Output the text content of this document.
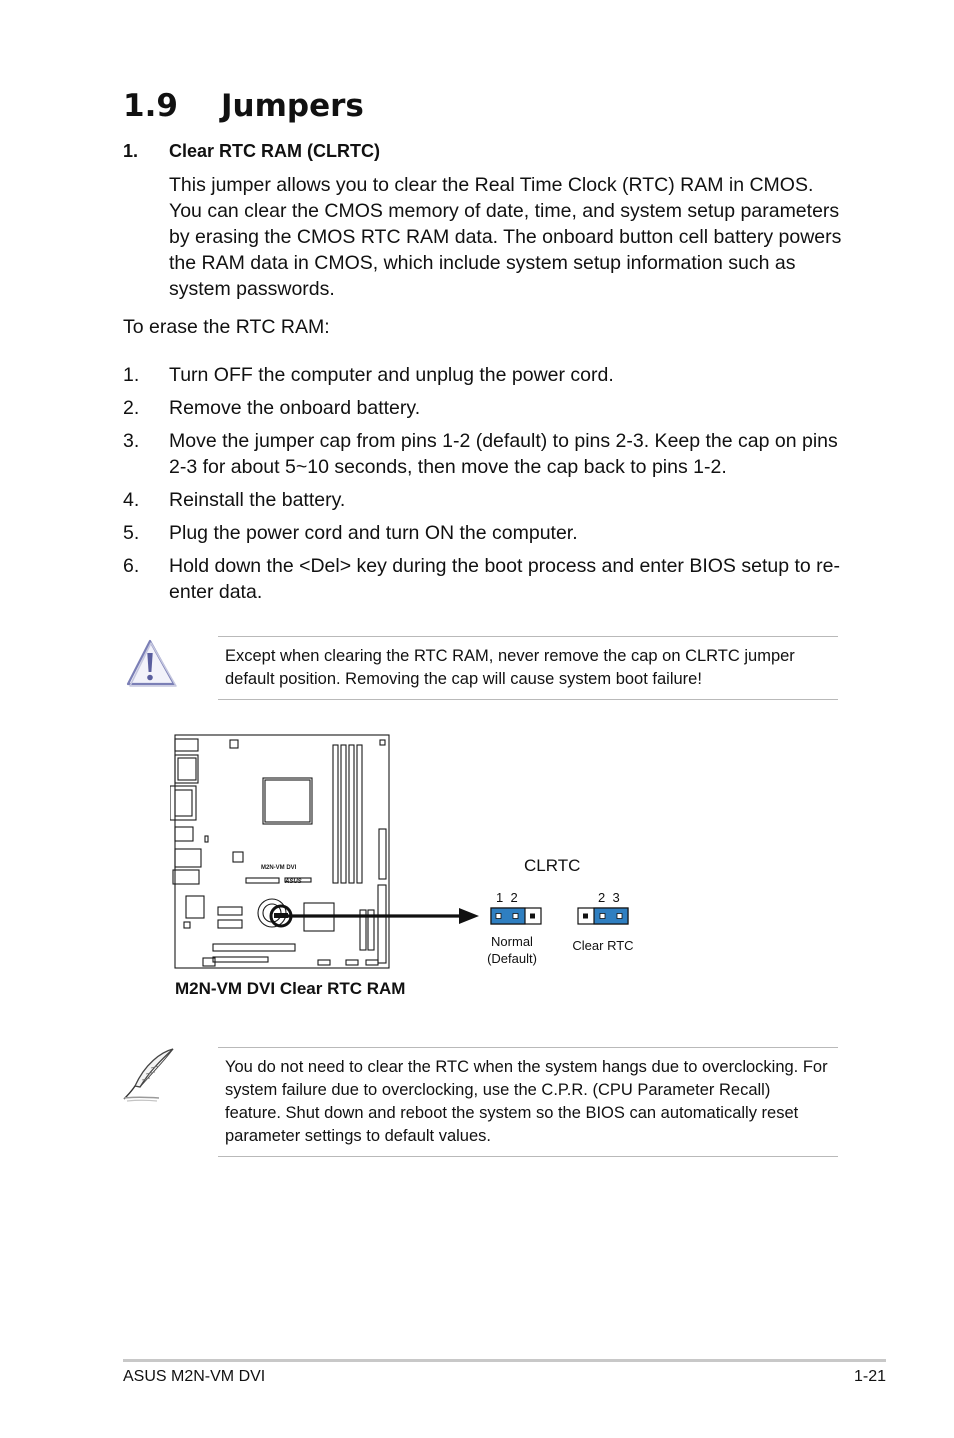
1.9 Jumpers
1. Clear RTC RAM (CLRTC)
This jumper allows you to clear the Real Time Clock (RTC) RAM in CMOS. You can clear the CMOS memory of date, time, and system setup parameters by erasing the CMOS RTC RAM data. The onboard button cell battery powers the RAM data in CMOS, which include system setup information such as system passwords.
To erase the RTC RAM:
1. Turn OFF the computer and unplug the power cord.
2. Remove the onboard battery.
3. Move the jumper cap from pins 1-2 (default) to pins 2-3. Keep the cap on pins 2-3 for about 5~10 seconds, then move the cap back to pins 1-2.
4. Reinstall the battery.
5. Plug the power cord and turn ON the computer.
6. Hold down the <Del> key during the boot process and enter BIOS setup to re-enter data.
Except when clearing the RTC RAM, never remove the cap on CLRTC jumper default position. Removing the cap will cause system boot failure!
M2N-VM DVI
ASUS
CLRTC
1  2
Normal
(Default)
2  3
Clear RTC
M2N-VM DVI Clear RTC RAM
You do not need to clear the RTC when the system hangs due to overclocking. For system failure due to overclocking, use the C.P.R. (CPU Parameter Recall) feature. Shut down and reboot the system so the BIOS can automatically reset parameter settings to default values.
ASUS M2N-VM DVI	1-21
